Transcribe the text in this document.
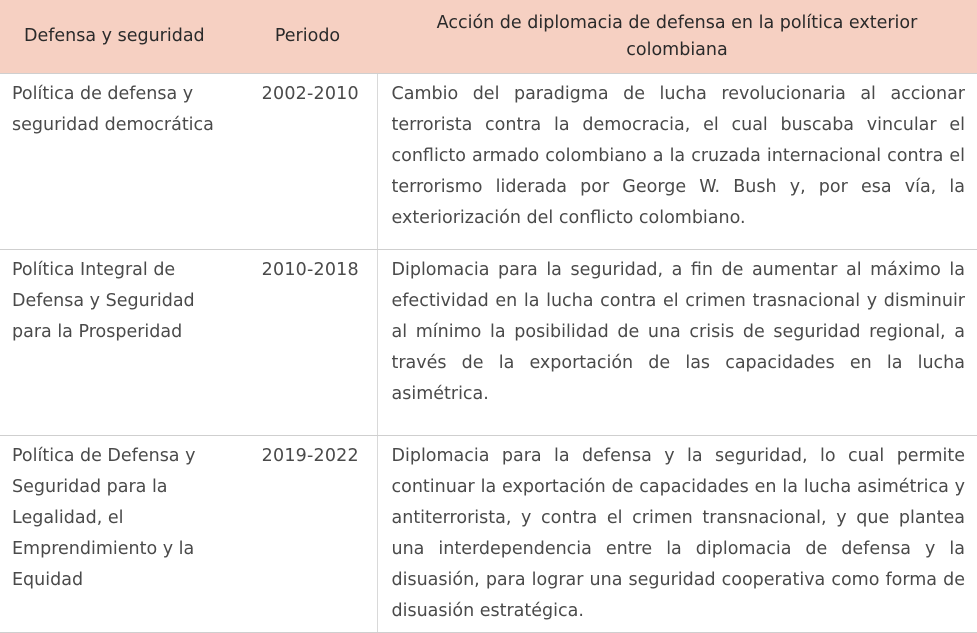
Defensa y seguridad	Periodo	Acción de diplomacia de defensa en la política exterior colombiana

Política de defensa y seguridad democrática	2002-2010	Cambio del paradigma de lucha revolucionaria al accionar terrorista contra la democracia, el cual buscaba vincular el conflicto armado colombiano a la cruzada internacional contra el terrorismo liderada por George W. Bush y, por esa vía, la exteriorización del conflicto colombiano.

Política Integral de Defensa y Seguridad para la Prosperidad	2010-2018	Diplomacia para la seguridad, a fin de aumentar al máximo la efectividad en la lucha contra el crimen trasnacional y disminuir al mínimo la posibilidad de una crisis de seguridad regional, a través de la exportación de las capacidades en la lucha asimétrica.

Política de Defensa y Seguridad para la Legalidad, el Emprendimiento y la Equidad	2019-2022	Diplomacia para la defensa y la seguridad, lo cual permite continuar la exportación de capacidades en la lucha asimétrica y antiterrorista, y contra el crimen transnacional, y que plantea una interdependencia entre la diplomacia de defensa y la disuasión, para lograr una seguridad cooperativa como forma de disuasión estratégica.
